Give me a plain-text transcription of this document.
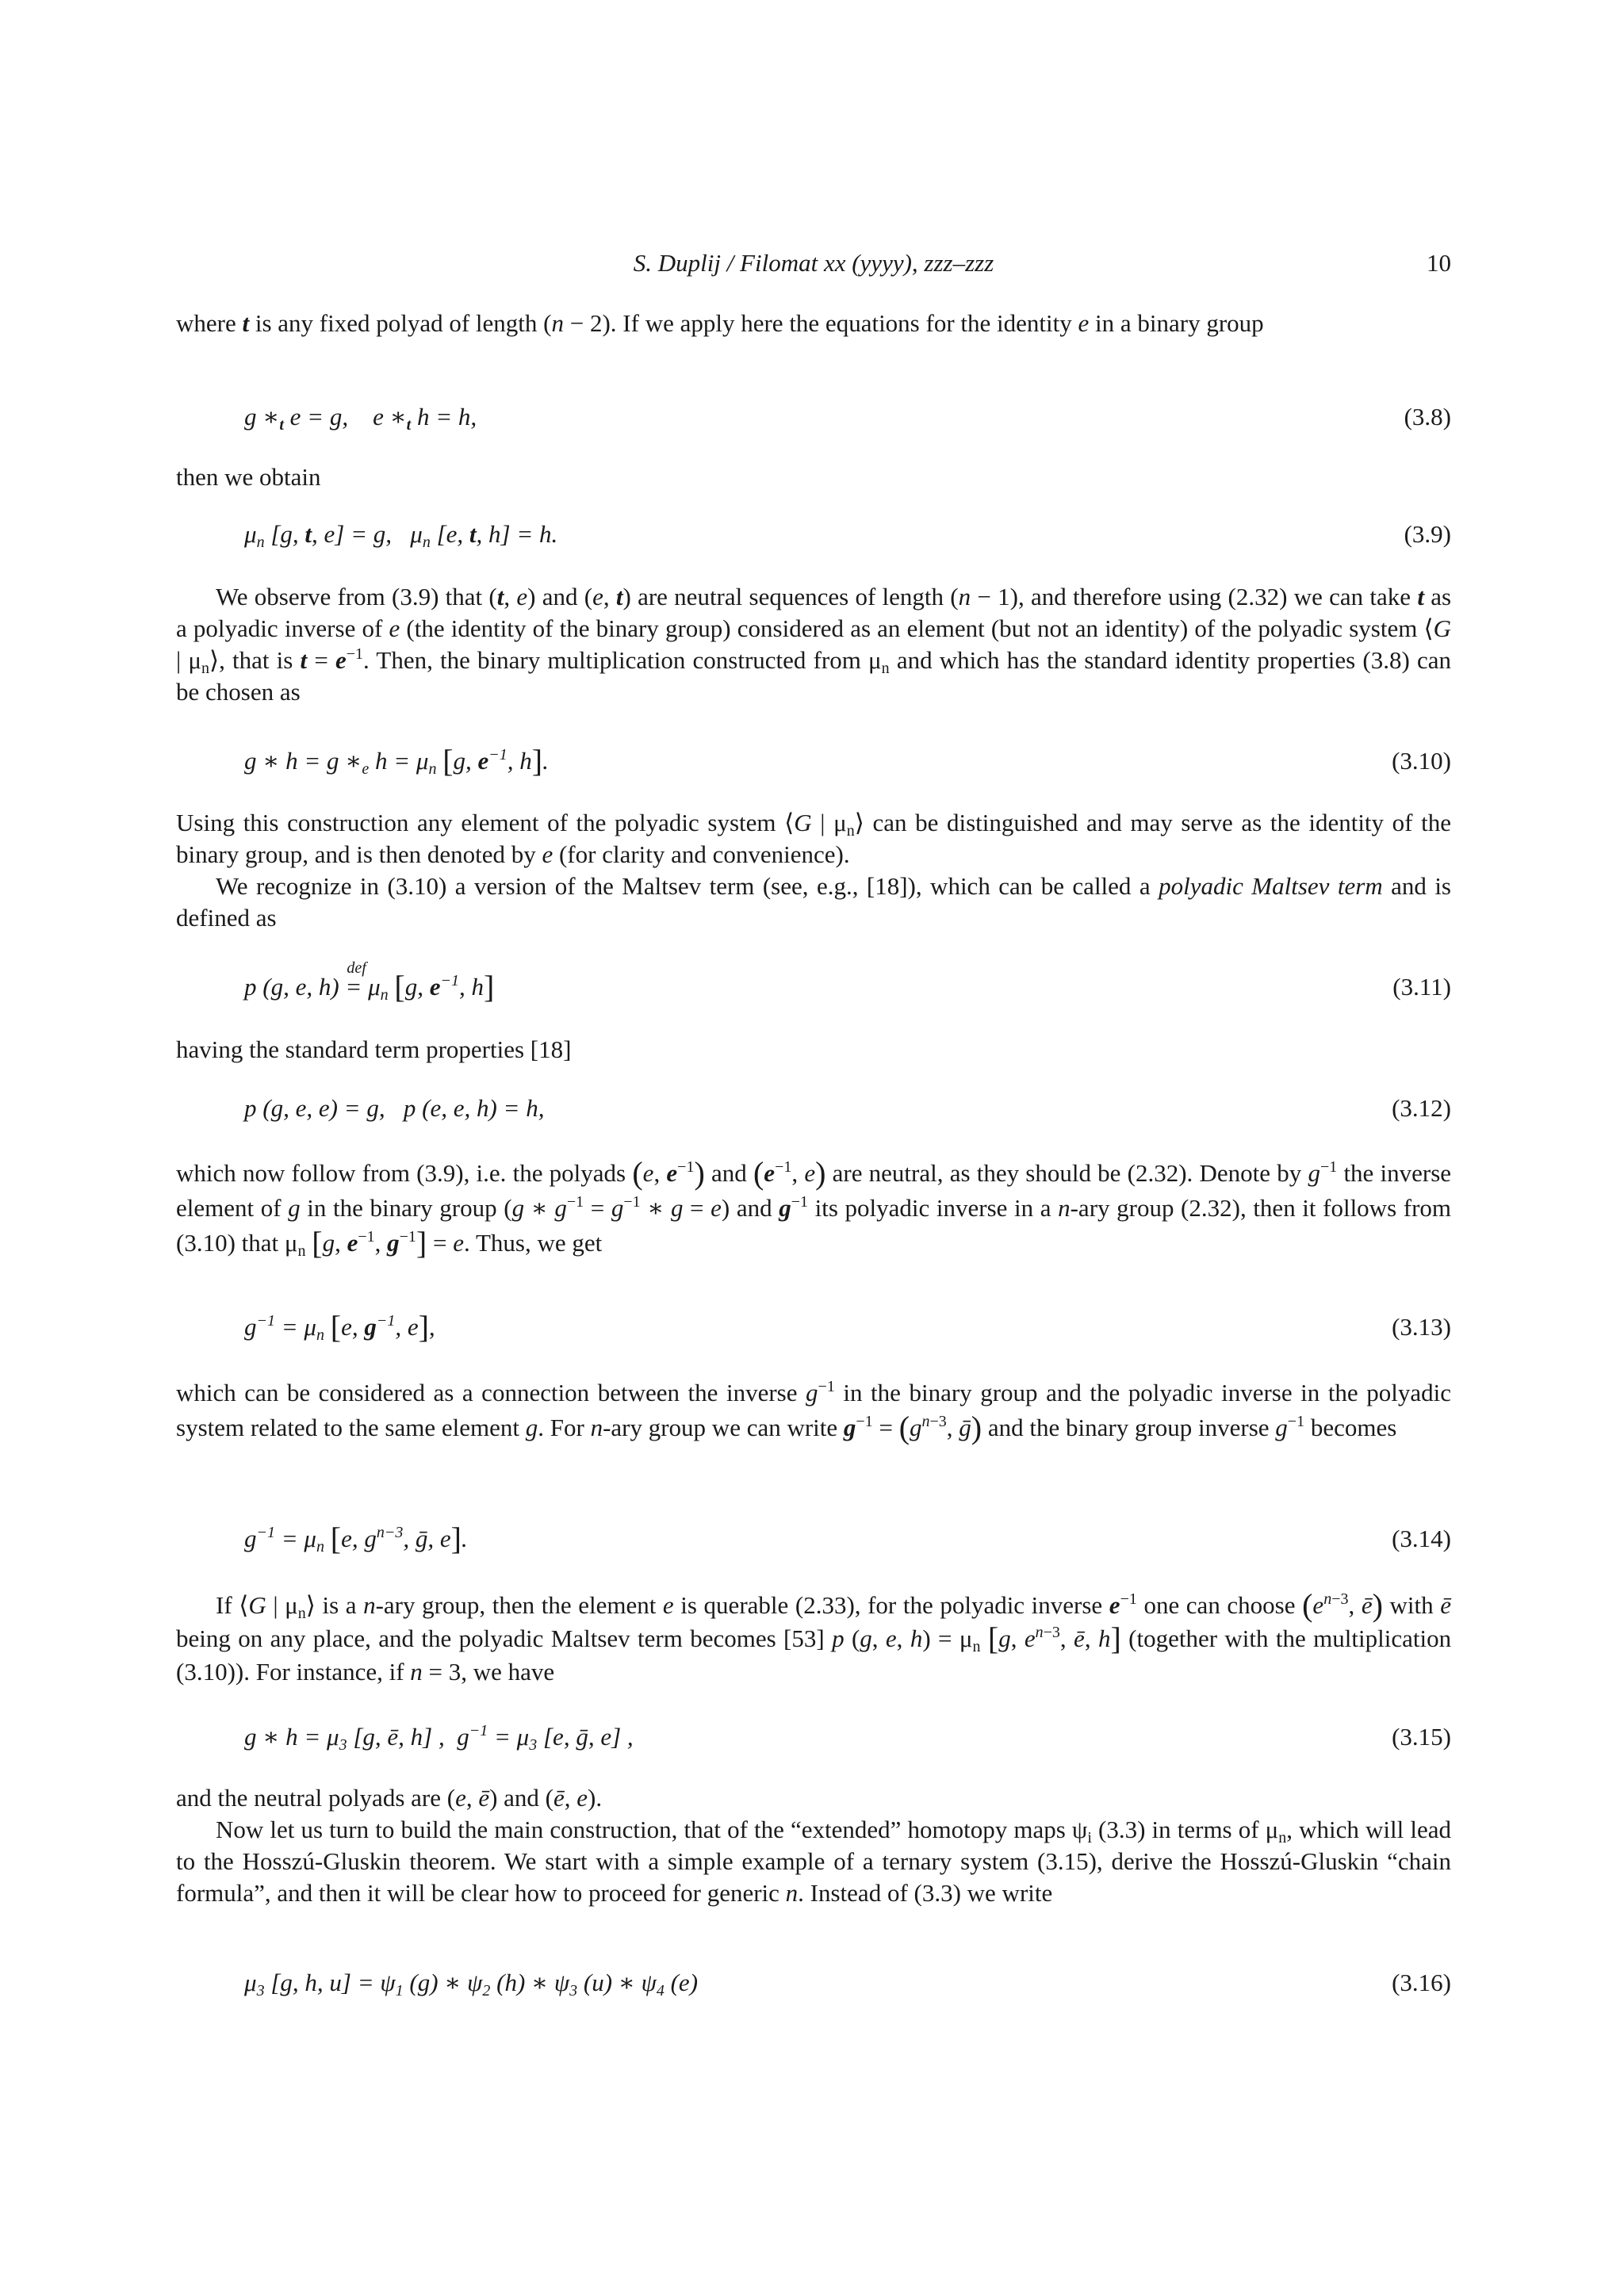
S. Duplij / Filomat xx (yyyy), zzz–zzz	10

where t is any fixed polyad of length (n − 2). If we apply here the equations for the identity e in a binary group

g $∗_t$ e = g,    e $∗_t$ h = h,	(3.8)

then we obtain

$\mu_n$ [g, t, e] = g,   $\mu_n$ [e, t, h] = h.	(3.9)

We observe from (3.9) that (t, e) and (e, t) are neutral sequences of length (n − 1), and therefore using (2.32) we can take t as a polyadic inverse of e (the identity of the binary group) considered as an element (but not an identity) of the polyadic system ⟨G | $\mu_n⟩$, that is $t = e^{-1}$. Then, the binary multiplication constructed from $\mu_n$ and which has the standard identity properties (3.8) can be chosen as

g ∗ h = g $∗_e$ $h = \mu_n$ [g, $e^{-1}$, h].	(3.10)

Using this construction any element of the polyadic system ⟨G | $\mu_n⟩$ can be distinguished and may serve as the identity of the binary group, and is then denoted by e (for clarity and convenience).

We recognize in (3.10) a version of the Maltsev term (see, e.g., [18]), which can be called a polyadic Maltsev term and is defined as

p (g, e, h) =
def
$\mu_n$ [g, $e^{-1}$, h]	(3.11)

having the standard term properties [18]

p (g, e, e) = g,   p (e, e, h) = h,	(3.12)

which now follow from (3.9), i.e. the polyads (e, $e^{-1}$) and ($e^{-1}$, e) are neutral, as they should be (2.32). Denote by $g^{-1}$ the inverse element of g in the binary group (g ∗ $g^{-1} = g^{-1}$ ∗ g = e) and $g^{-1}$ its polyadic inverse in a n-ary group (2.32), then it follows from (3.10) that $\mu_n$ [g, $e^{-1}$, $g^{-1}] = e$. Thus, we get

$g^{-1} = \mu_n$ [e, $g^{-1}$, e],	(3.13)

which can be considered as a connection between the inverse $g^{-1}$ in the binary group and the polyadic inverse in the polyadic system related to the same element g. For n-ary group we can write $g^{-1} = (g^{n-3}$, ḡ) and the binary group inverse $g^{-1}$ becomes

$g^{-1} = \mu_n$ [e, $g^{n-3}$, ḡ, e].	(3.14)

If ⟨G | $\mu_n⟩$ is a n-ary group, then the element e is querable (2.33), for the polyadic inverse $e^{-1}$ one can choose ($e^{n-3}$, ē) with ē being on any place, and the polyadic Maltsev term becomes [53] p (g, e, $h) = \mu_n$ [g, $e^{n-3}$, ē, h] (together with the multiplication (3.10)). For instance, if n = 3, we have

g ∗ $h = \mu_3$ [g, ē, h] ,  $g^{-1} = \mu_3$ [e, ḡ, e] ,	(3.15)

and the neutral polyads are (e, ē) and (ē, e).

Now let us turn to build the main construction, that of the “extended” homotopy maps $\psi_i$ (3.3) in terms of $\mu_n$, which will lead to the Hosszú-Gluskin theorem. We start with a simple example of a ternary system (3.15), derive the Hosszú-Gluskin “chain formula”, and then it will be clear how to proceed for generic n. Instead of (3.3) we write

$\mu_3$ [g, h, $u] = \psi_1$ (g) ∗ $\psi_2$ (h) ∗ $\psi_3$ (u) ∗ $\psi_4$ (e)	(3.16)
